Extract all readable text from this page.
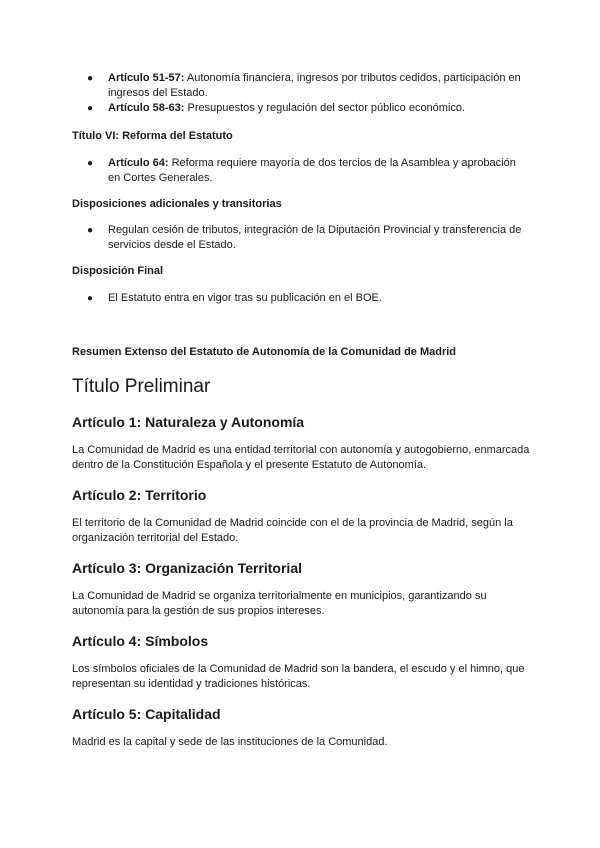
● Artículo 51-57: Autonomía financiera, ingresos por tributos cedidos, participación en ingresos del Estado.
● Artículo 58-63: Presupuestos y regulación del sector público económico.
Título VI: Reforma del Estatuto
● Artículo 64: Reforma requiere mayoría de dos tercios de la Asamblea y aprobación en Cortes Generales.
Disposiciones adicionales y transitorias
● Regulan cesión de tributos, integración de la Diputación Provincial y transferencia de servicios desde el Estado.
Disposición Final
● El Estatuto entra en vigor tras su publicación en el BOE.
Resumen Extenso del Estatuto de Autonomía de la Comunidad de Madrid
Título Preliminar
Artículo 1: Naturaleza y Autonomía
La Comunidad de Madrid es una entidad territorial con autonomía y autogobierno, enmarcada dentro de la Constitución Española y el presente Estatuto de Autonomía.
Artículo 2: Territorio
El territorio de la Comunidad de Madrid coincide con el de la provincia de Madrid, según la organización territorial del Estado.
Artículo 3: Organización Territorial
La Comunidad de Madrid se organiza territorialmente en municipios, garantizando su autonomía para la gestión de sus propios intereses.
Artículo 4: Símbolos
Los símbolos oficiales de la Comunidad de Madrid son la bandera, el escudo y el himno, que representan su identidad y tradiciones históricas.
Artículo 5: Capitalidad
Madrid es la capital y sede de las instituciones de la Comunidad.
